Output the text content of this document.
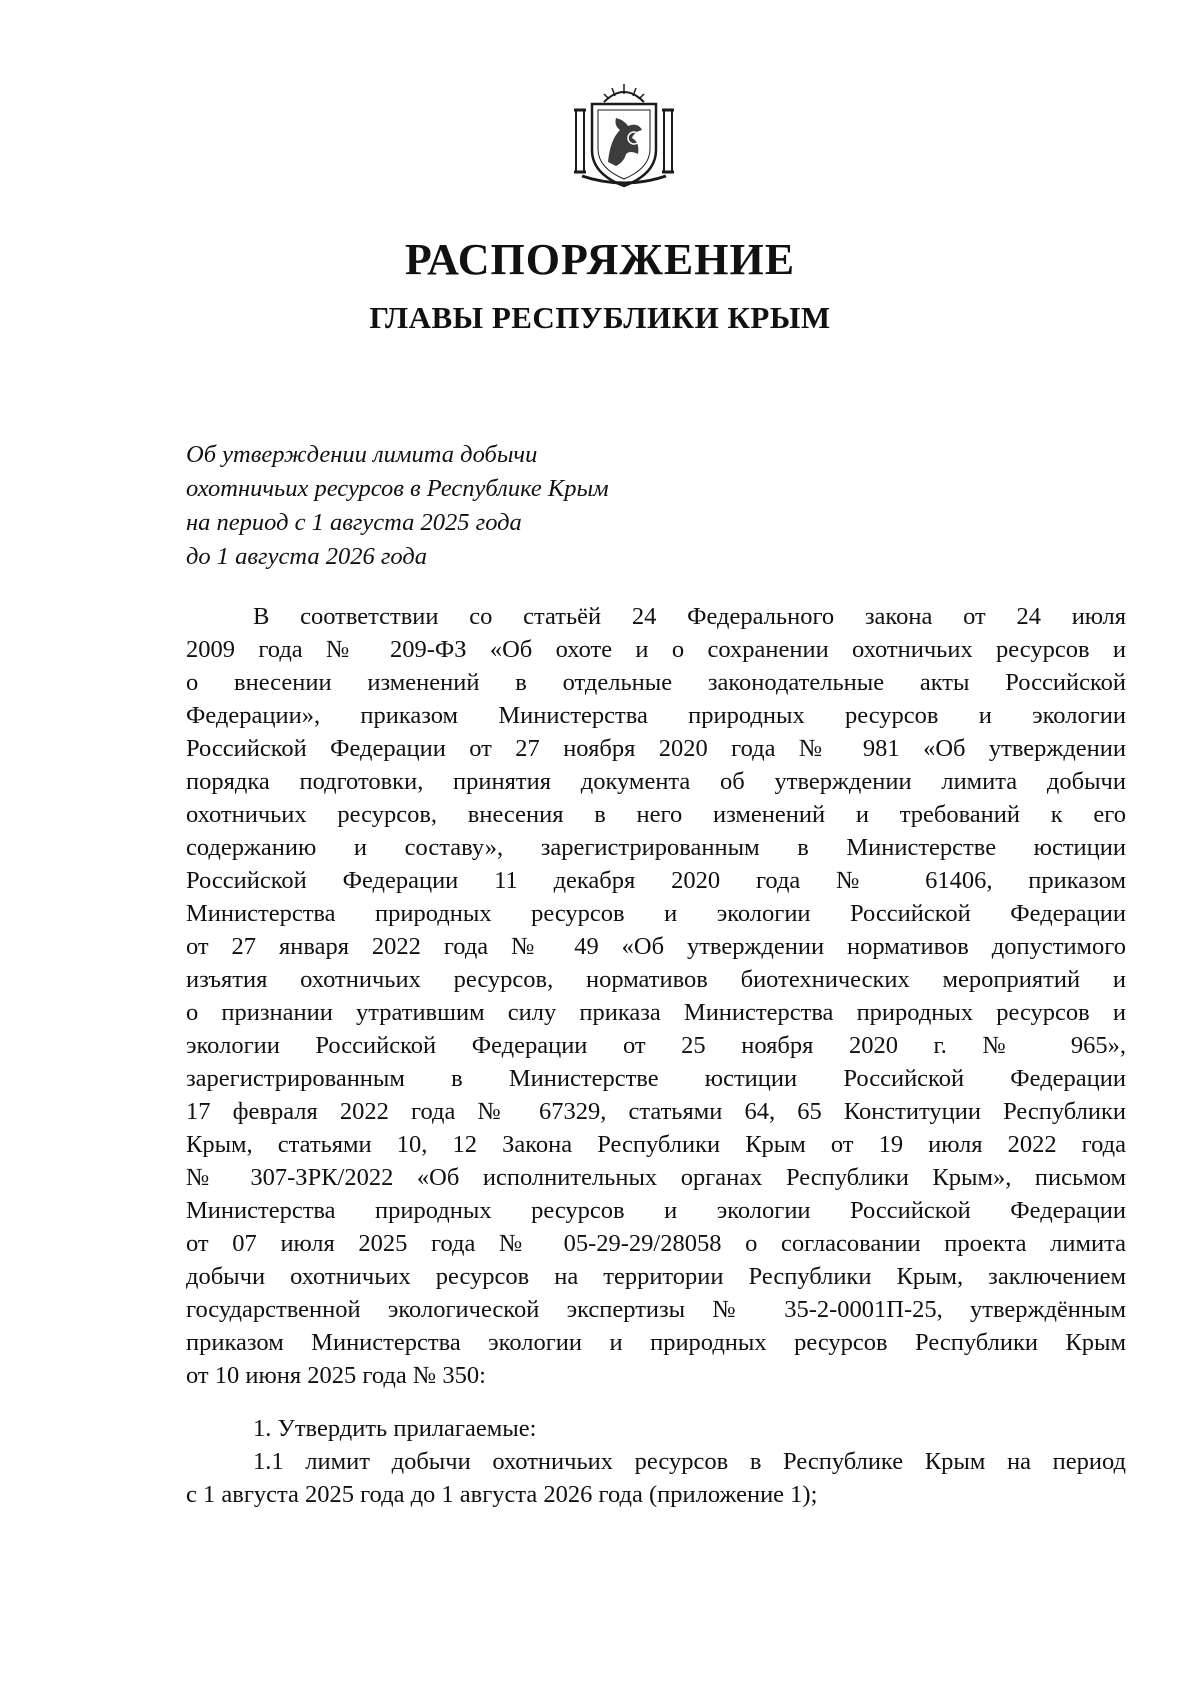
РАСПОРЯЖЕНИЕ
ГЛАВЫ РЕСПУБЛИКИ КРЫМ
Об утверждении лимита добычи
охотничьих ресурсов в Республике Крым
на период с 1 августа 2025 года
до 1 августа 2026 года
В соответствии со статьёй 24 Федерального закона от 24 июля
2009 года № 209-ФЗ «Об охоте и о сохранении охотничьих ресурсов и
о внесении изменений в отдельные законодательные акты Российской
Федерации», приказом Министерства природных ресурсов и экологии
Российской Федерации от 27 ноября 2020 года № 981 «Об утверждении
порядка подготовки, принятия документа об утверждении лимита добычи
охотничьих ресурсов, внесения в него изменений и требований к его
содержанию и составу», зарегистрированным в Министерстве юстиции
Российской Федерации 11 декабря 2020 года № 61406, приказом
Министерства природных ресурсов и экологии Российской Федерации
от 27 января 2022 года № 49 «Об утверждении нормативов допустимого
изъятия охотничьих ресурсов, нормативов биотехнических мероприятий и
о признании утратившим силу приказа Министерства природных ресурсов и
экологии Российской Федерации от 25 ноября 2020 г. № 965»,
зарегистрированным в Министерстве юстиции Российской Федерации
17 февраля 2022 года № 67329, статьями 64, 65 Конституции Республики
Крым, статьями 10, 12 Закона Республики Крым от 19 июля 2022 года
№ 307-ЗРК/2022 «Об исполнительных органах Республики Крым», письмом
Министерства природных ресурсов и экологии Российской Федерации
от 07 июля 2025 года № 05-29-29/28058 о согласовании проекта лимита
добычи охотничьих ресурсов на территории Республики Крым, заключением
государственной экологической экспертизы № 35-2-0001П-25, утверждённым
приказом Министерства экологии и природных ресурсов Республики Крым
от 10 июня 2025 года № 350:
1. Утвердить прилагаемые:
1.1 лимит добычи охотничьих ресурсов в Республике Крым на период
с 1 августа 2025 года до 1 августа 2026 года (приложение 1);
